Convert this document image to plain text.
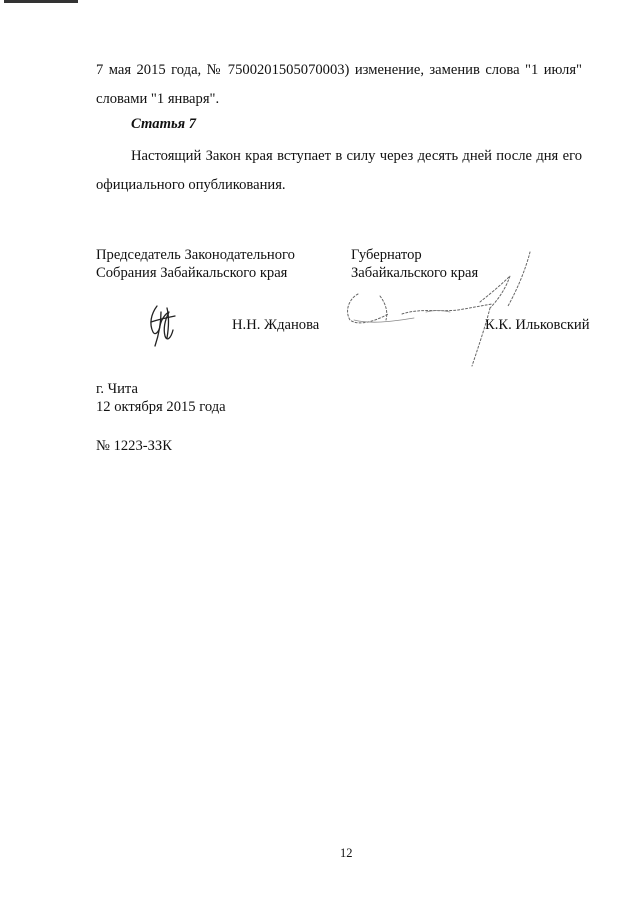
7 мая 2015 года, № 7500201505070003) изменение, заменив слова "1 июля"
словами "1 января".

Статья 7

Настоящий Закон края вступает в силу через десять дней после дня его
официального опубликования.

Председатель Законодательного
Собрания Забайкальского края
Губернатор
Забайкальского края
Н.Н. Жданова	К.К. Ильковский
г. Чита
12 октября 2015 года
№ 1223-ЗЗК
12
